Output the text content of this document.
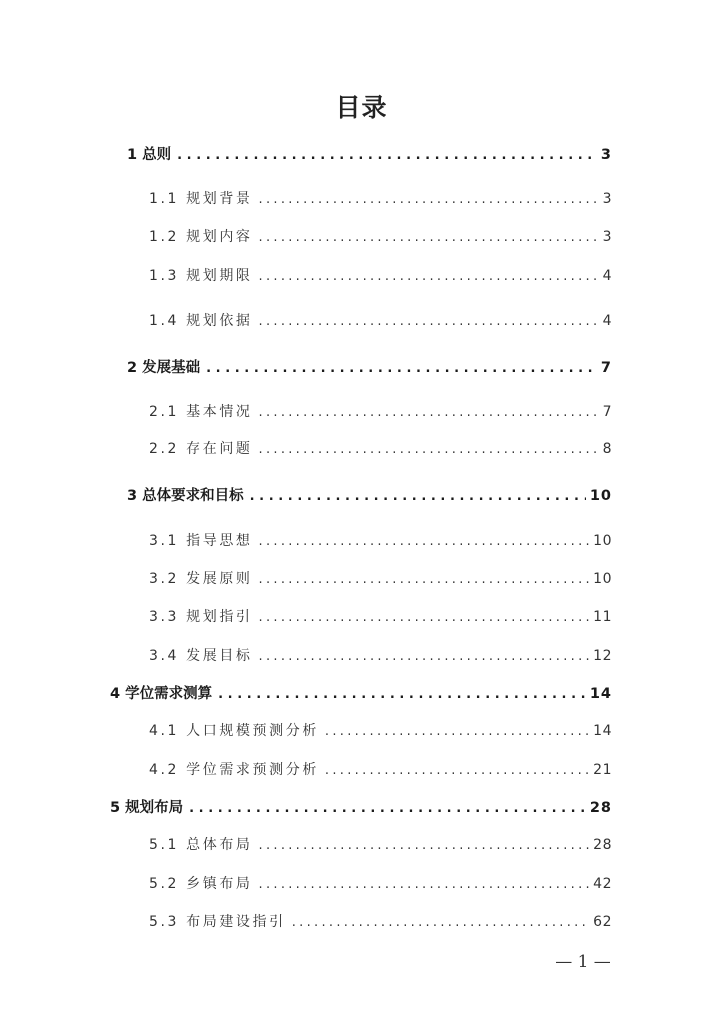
目录
1 总则 .....	3
1.1 规划背景 .....	3
1.2 规划内容 .....	3
1.3 规划期限 .....	4
1.4 规划依据 .....	4
2 发展基础 .....	7
2.1 基本情况 .....	7
2.2 存在问题 .....	8
3 总体要求和目标 .....	10
3.1 指导思想 .....	10
3.2 发展原则 .....	10
3.3 规划指引 .....	11
3.4 发展目标 .....	12
4 学位需求测算 .....	14
4.1 人口规模预测分析 .....	14
4.2 学位需求预测分析 .....	21
5 规划布局 .....	28
5.1 总体布局 .....	28
5.2 乡镇布局 .....	42
5.3 布局建设指引 .....	62
— 1 —
